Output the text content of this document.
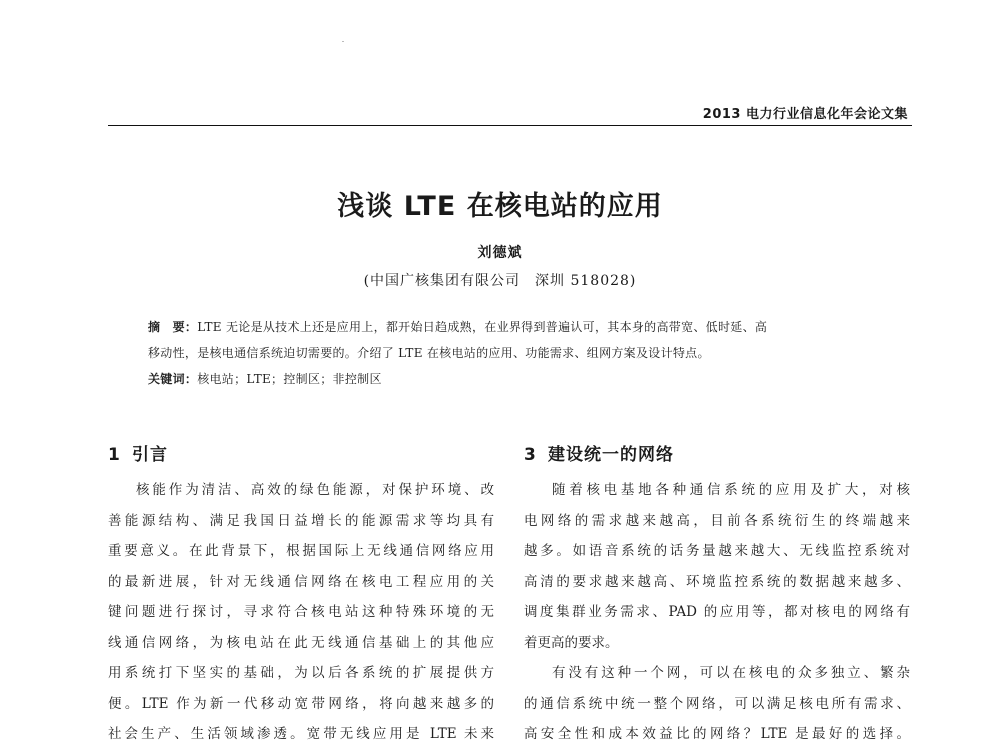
2013 电力行业信息化年会论文集
浅谈 LTE 在核电站的应用
刘德斌
(中国广核集团有限公司　深圳 518028)
摘　要：LTE 无论是从技术上还是应用上，都开始日趋成熟，在业界得到普遍认可，其本身的高带宽、低时延、高
移动性，是核电通信系统迫切需要的。介绍了 LTE 在核电站的应用、功能需求、组网方案及设计特点。
关键词：核电站；LTE；控制区；非控制区
1 引言	3 建设统一的网络
核能作为清洁、高效的绿色能源，对保护环境、改
善能源结构、满足我国日益增长的能源需求等均具有
重要意义。在此背景下，根据国际上无线通信网络应用
的最新进展，针对无线通信网络在核电工程应用的关
键问题进行探讨，寻求符合核电站这种特殊环境的无
线通信网络，为核电站在此无线通信基础上的其他应
用系统打下坚实的基础，为以后各系统的扩展提供方
便。LTE 作为新一代移动宽带网络，将向越来越多的
社会生产、生活领域渗透。宽带无线应用是 LTE 未来
随着核电基地各种通信系统的应用及扩大，对核
电网络的需求越来越高，目前各系统衍生的终端越来
越多。如语音系统的话务量越来越大、无线监控系统对
高清的要求越来越高、环境监控系统的数据越来越多、
调度集群业务需求、PAD 的应用等，都对核电的网络有
着更高的要求。
有没有这种一个网，可以在核电的众多独立、繁杂
的通信系统中统一整个网络，可以满足核电所有需求、
高安全性和成本效益比的网络？LTE 是最好的选择。
